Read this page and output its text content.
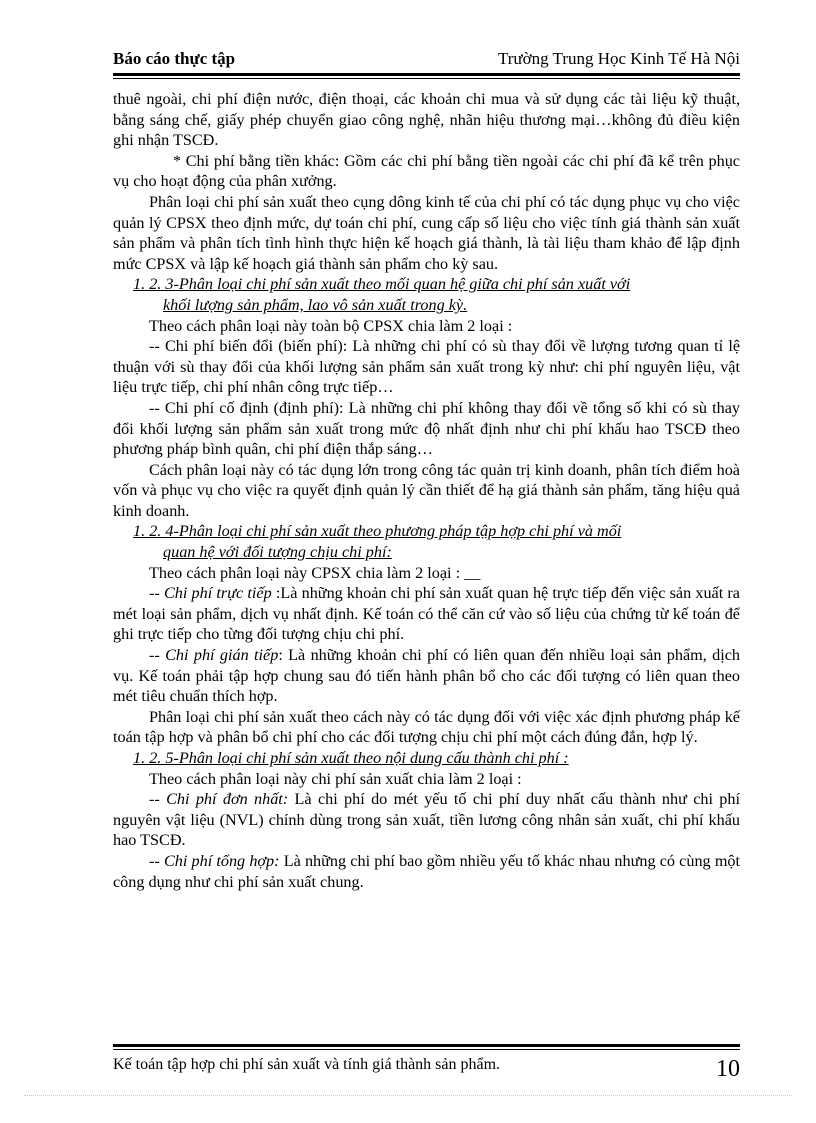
Báo cáo thực tập	Trường Trung Học Kinh Tế Hà Nội

thuê ngoài, chi phí điện nước, điện thoại, các khoản chi mua và sử dụng các tài liệu kỹ thuật, bằng sáng chế, giấy phép chuyển giao công nghệ, nhãn hiệu thương mại…không đủ điều kiện ghi nhận TSCĐ.

* Chi phí bằng tiền khác: Gồm các chi phí bằng tiền ngoài các chi phí đã kể trên phục vụ cho hoạt động của phân xưởng.

Phân loại chi phí sản xuất theo cụng dông kinh tế của chi phí có tác dụng phục vụ cho việc quản lý CPSX theo định mức, dự toán chi phí, cung cấp số liệu cho việc tính giá thành sản xuất sản phẩm và phân tích tình hình thực hiện kế hoạch giá thành, là tài liệu tham khảo để lập định mức CPSX và lập kế hoạch giá thành sản phẩm cho kỳ sau.

1. 2. 3-Phân loại chi phí sản xuất theo mối quan hệ giữa chi phí sản xuất với
khối lượng sản phẩm, lao vô sản xuất trong kỳ.

Theo cách phân loại này toàn bộ CPSX chia làm 2 loại :

-- Chi phí biến đổi (biến phí): Là những chi phí có sù thay đổi về lượng tương quan tỉ lệ thuận với sù thay đổi của khối lượng sản phẩm sản xuất trong kỳ như: chi phí nguyên liệu, vật liệu trực tiếp, chi phí nhân công trực tiếp…

-- Chi phí cố định (định phí): Là những chi phí không thay đổi về tổng số khi có sù thay đổi khối lượng sản phẩm sản xuất trong mức độ nhất định như chi phí khấu hao TSCĐ theo phương pháp bình quân, chi phí điện thắp sáng…

Cách phân loại này có tác dụng lớn trong công tác quản trị kinh doanh, phân tích điểm hoà vốn và phục vụ cho việc ra quyết định quản lý cần thiết để hạ giá thành sản phẩm, tăng hiệu quả kinh doanh.

1. 2. 4-Phân loại chi phí sản xuất theo phương pháp tập hợp chi phí và mối
quan hệ với đối tượng chịu chi phí:

Theo cách phân loại này CPSX chia làm 2 loại : __

-- Chi phí trực tiếp :Là những khoản chi phí sản xuất quan hệ trực tiếp đến việc sản xuất ra mét loại sản phẩm, dịch vụ nhất định. Kế toán có thể căn cứ vào số liệu của chứng từ kế toán để ghi trực tiếp cho từng đối tượng chịu chi phí.

-- Chi phí gián tiếp: Là những khoản chi phí có liên quan đến nhiều loại sản phẩm, dịch vụ. Kế toán phải tập hợp chung sau đó tiến hành phân bổ cho các đối tượng có liên quan theo mét tiêu chuẩn thích hợp.

Phân loại chi phí sản xuất theo cách này có tác dụng đối với việc xác định phương pháp kế toán tập hợp và phân bổ chi phí cho các đối tượng chịu chi phí một cách đúng đắn, hợp lý.

1. 2. 5-Phân loại chi phí sản xuất theo nội dung cấu thành chi phí :

Theo cách phân loại này chi phí sản xuất chia làm 2 loại :

-- Chi phí đơn nhất: Là chi phí do mét yếu tố chi phí duy nhất cấu thành như chi phí nguyên vật liệu (NVL) chính dùng trong sản xuất, tiền lương công nhân sản xuất, chi phí khấu hao TSCĐ.

-- Chi phí tổng hợp: Là những chi phí bao gồm nhiều yếu tố khác nhau nhưng có cùng một công dụng như chi phí sản xuất chung.

Kế toán tập hợp chi phí sản xuất và tính giá thành sản phẩm.	10
